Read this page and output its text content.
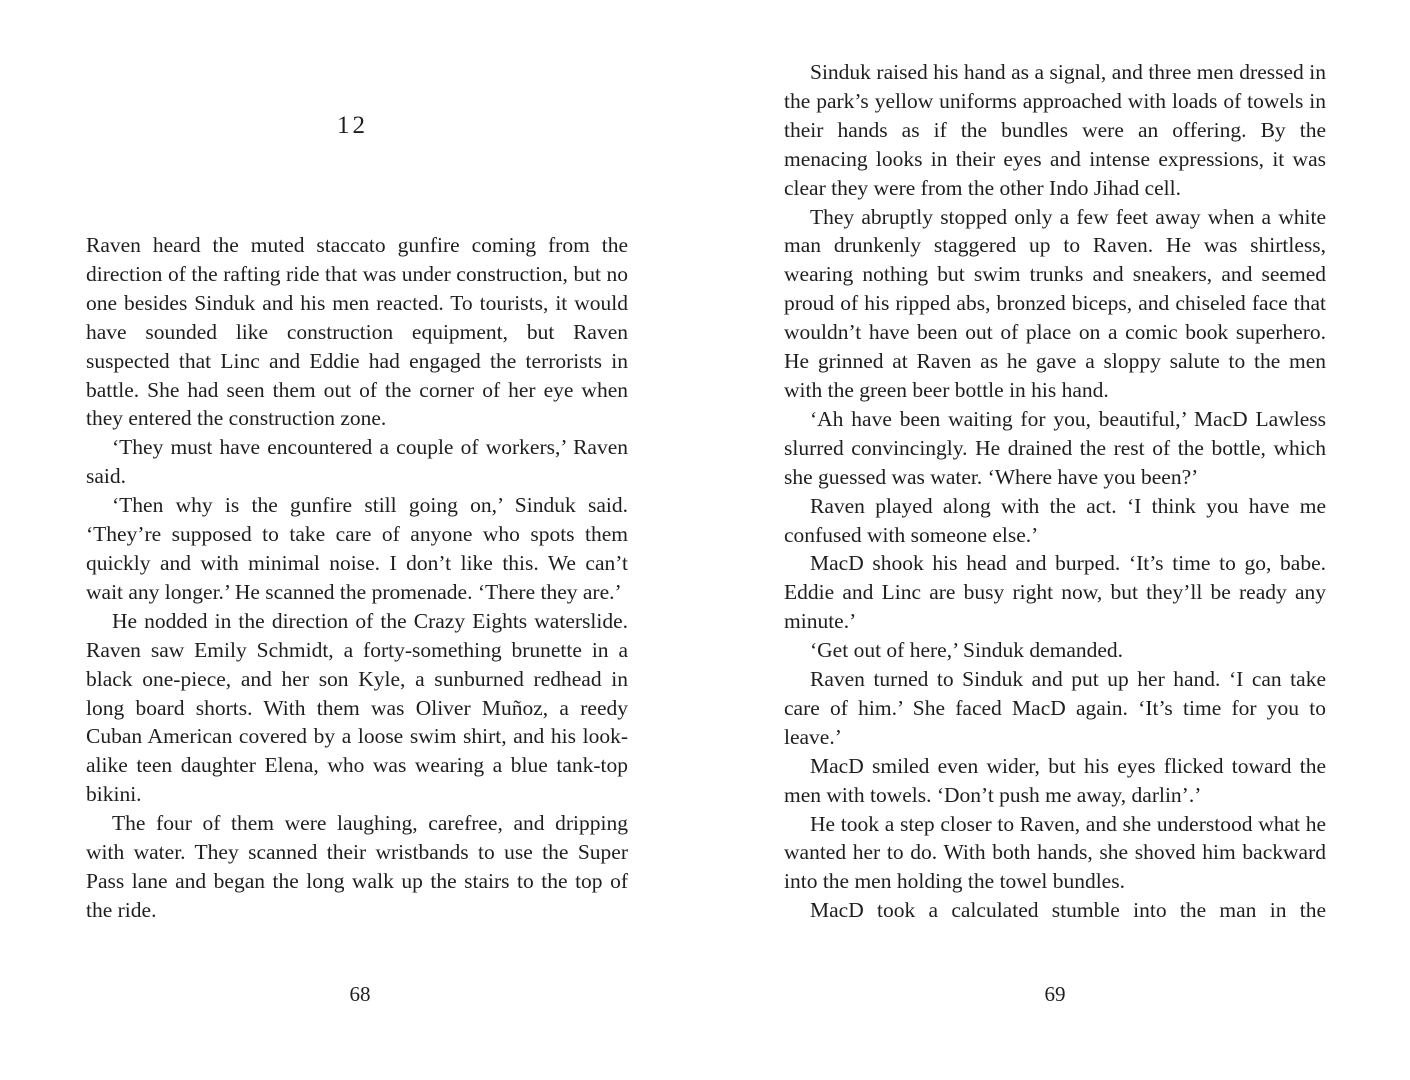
12

Raven heard the muted staccato gunfire coming from the direction of the rafting ride that was under construction, but no one besides Sinduk and his men reacted. To tourists, it would have sounded like construction equipment, but Raven suspected that Linc and Eddie had engaged the terrorists in battle. She had seen them out of the corner of her eye when they entered the construction zone.

‘They must have encountered a couple of workers,’ Raven said.

‘Then why is the gunfire still going on,’ Sinduk said. ‘They’re supposed to take care of anyone who spots them quickly and with minimal noise. I don’t like this. We can’t wait any longer.’ He scanned the promenade. ‘There they are.’

He nodded in the direction of the Crazy Eights waterslide. Raven saw Emily Schmidt, a forty-something brunette in a black one-piece, and her son Kyle, a sunburned redhead in long board shorts. With them was Oliver Muñoz, a reedy Cuban American covered by a loose swim shirt, and his look-alike teen daughter Elena, who was wearing a blue tank-top bikini.

The four of them were laughing, carefree, and dripping with water. They scanned their wristbands to use the Super Pass lane and began the long walk up the stairs to the top of the ride.

68

Sinduk raised his hand as a signal, and three men dressed in the park’s yellow uniforms approached with loads of towels in their hands as if the bundles were an offering. By the menacing looks in their eyes and intense expressions, it was clear they were from the other Indo Jihad cell.

They abruptly stopped only a few feet away when a white man drunkenly staggered up to Raven. He was shirtless, wearing nothing but swim trunks and sneakers, and seemed proud of his ripped abs, bronzed biceps, and chiseled face that wouldn’t have been out of place on a comic book superhero. He grinned at Raven as he gave a sloppy salute to the men with the green beer bottle in his hand.

‘Ah have been waiting for you, beautiful,’ MacD Lawless slurred convincingly. He drained the rest of the bottle, which she guessed was water. ‘Where have you been?’

Raven played along with the act. ‘I think you have me confused with someone else.’

MacD shook his head and burped. ‘It’s time to go, babe. Eddie and Linc are busy right now, but they’ll be ready any minute.’

‘Get out of here,’ Sinduk demanded.

Raven turned to Sinduk and put up her hand. ‘I can take care of him.’ She faced MacD again. ‘It’s time for you to leave.’

MacD smiled even wider, but his eyes flicked toward the men with towels. ‘Don’t push me away, darlin’.’

He took a step closer to Raven, and she understood what he wanted her to do. With both hands, she shoved him backward into the men holding the towel bundles.

MacD took a calculated stumble into the man in the

69
